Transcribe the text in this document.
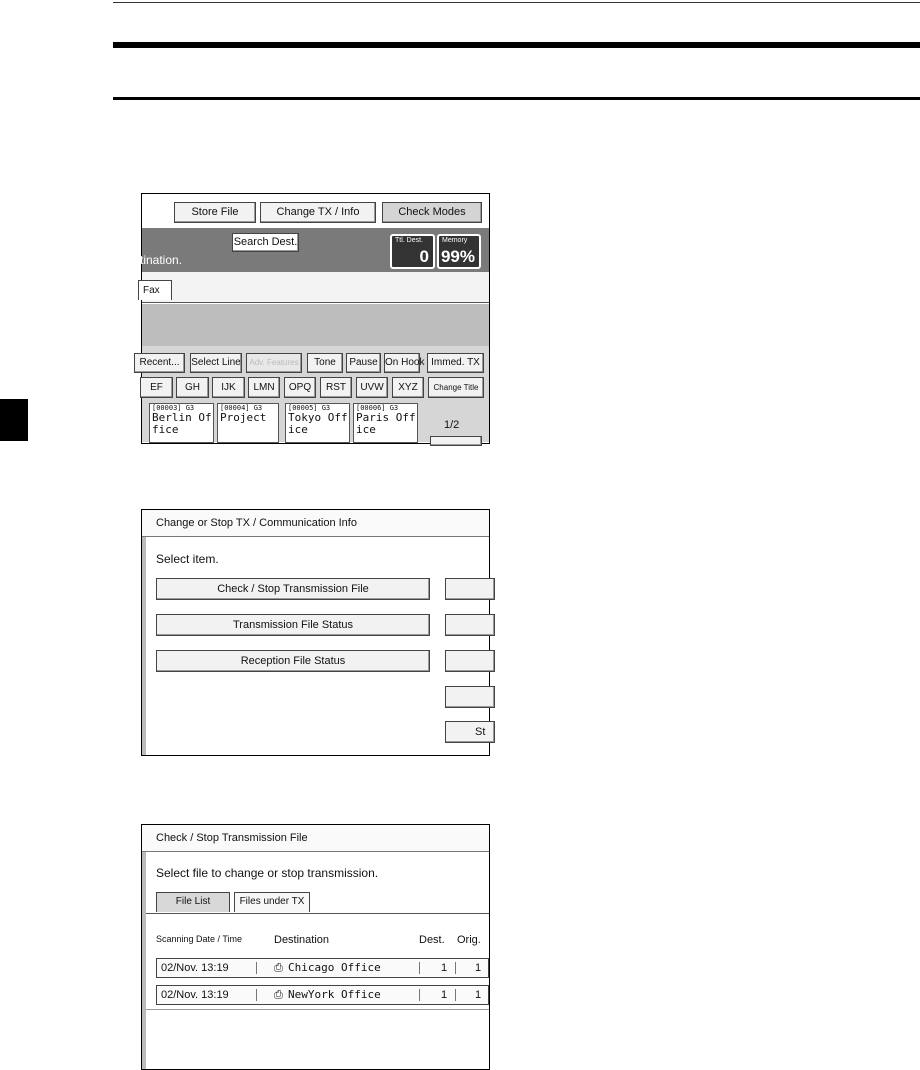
Store File	Change TX / Info	Check Modes
Search Dest.
tination.
Ttl. Dest.
0
Memory
99%
Fax
Recent...	Select Line	Adv. Features	Tone	Pause On Hook Immed. TX
EF	GH	IJK	LMN	OPQ	RST	UVW	XYZ	Change Title
[00003] G3
Berlin Office
[00004] G3
Project
[00005] G3
Tokyo Office
[00006] G3
Paris Office	1/2
Change or Stop TX / Communication Info
Select item.
Check / Stop Transmission File
Transmission File Status
Reception File Status
St
Check / Stop Transmission File
Select file to change or stop transmission.
File List	Files under TX
Scanning Date / Time	Destination	Dest. Orig.
02/Nov. 13:19	⎙ Chicago Office	1	1
02/Nov. 13:19	⎙ NewYork Office	1	1
